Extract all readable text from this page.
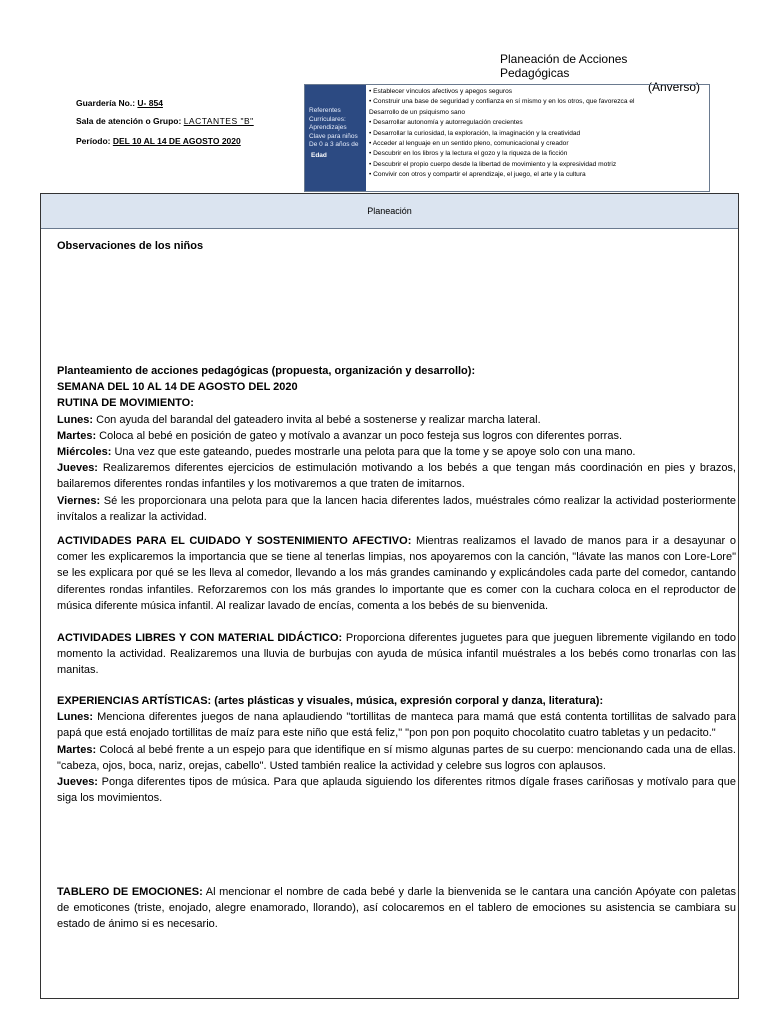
Planeación de Acciones Pedagógicas
(Anverso)
Guardería No.: U- 854
Sala de atención o Grupo: LACTANTES "B"
Período: DEL 10 AL 14 DE AGOSTO 2020
Referentes Curriculares: Aprendizajes Clave para niños De 0 a 3 años de
Edad
• Establecer vínculos afectivos y apegos seguros
• Construir una base de seguridad y confianza en sí mismo y en los otros, que favorezca el
Desarrollo de un psiquismo sano
• Desarrollar autonomía y autorregulación crecientes
• Desarrollar la curiosidad, la exploración, la imaginación y la creatividad
• Acceder al lenguaje en un sentido pleno, comunicacional y creador
• Descubrir en los libros y la lectura el gozo y la riqueza de la ficción
• Descubrir el propio cuerpo desde la libertad de movimiento y la expresividad motriz
• Convivir con otros y compartir el aprendizaje, el juego, el arte y la cultura
Planeación

Observaciones de los niños

Planteamiento de acciones pedagógicas (propuesta, organización y desarrollo):

SEMANA DEL 10 AL 14 DE AGOSTO DEL 2020

RUTINA DE MOVIMIENTO:

Lunes: Con ayuda del barandal del gateadero invita al bebé a sostenerse y realizar marcha lateral.

Martes: Coloca al bebé en posición de gateo y motívalo a avanzar un poco festeja sus logros con diferentes porras.

Miércoles: Una vez que este gateando, puedes mostrarle una pelota para que la tome y se apoye solo con una mano.

Jueves: Realizaremos diferentes ejercicios de estimulación motivando a los bebés a que tengan más coordinación en pies y brazos, bailaremos diferentes rondas infantiles y los motivaremos a que traten de imitarnos.

Viernes: Sé les proporcionara una pelota para que la lancen hacia diferentes lados, muéstrales cómo realizar la actividad posteriormente invítalos a realizar la actividad.

ACTIVIDADES PARA EL CUIDADO Y SOSTENIMIENTO AFECTIVO: Mientras realizamos el lavado de manos para ir a desayunar o comer les explicaremos la importancia que se tiene al tenerlas limpias, nos apoyaremos con la canción, "lávate las manos con Lore-Lore" se les explicara por qué se les lleva al comedor, llevando a los más grandes caminando y explicándoles cada parte del comedor, cantando diferentes rondas infantiles. Reforzaremos con los más grandes lo importante que es comer con la cuchara coloca en el reproductor de música diferente música infantil. Al realizar lavado de encías, comenta a los bebés de su bienvenida.

ACTIVIDADES LIBRES Y CON MATERIAL DIDÁCTICO: Proporciona diferentes juguetes para que jueguen libremente vigilando en todo momento la actividad. Realizaremos una lluvia de burbujas con ayuda de música infantil muéstrales a los bebés como tronarlas con las manitas.

EXPERIENCIAS ARTÍSTICAS: (artes plásticas y visuales, música, expresión corporal y danza, literatura):

Lunes: Menciona diferentes juegos de nana aplaudiendo "tortillitas de manteca para mamá que está contenta tortillitas de salvado para papá que está enojado tortillitas de maíz para este niño que está feliz," "pon pon pon poquito chocolatito cuatro tabletas y un pedacito."

Martes: Colocá al bebé frente a un espejo para que identifique en sí mismo algunas partes de su cuerpo: mencionando cada una de ellas. "cabeza, ojos, boca, nariz, orejas, cabello". Usted también realice la actividad y celebre sus logros con aplausos.

Jueves: Ponga diferentes tipos de música. Para que aplauda siguiendo los diferentes ritmos dígale frases cariñosas y motívalo para que siga los movimientos.

TABLERO DE EMOCIONES: Al mencionar el nombre de cada bebé y darle la bienvenida se le cantara una canción Apóyate con paletas de emoticones (triste, enojado, alegre enamorado, llorando), así colocaremos en el tablero de emociones su asistencia se cambiara su estado de ánimo si es necesario.
